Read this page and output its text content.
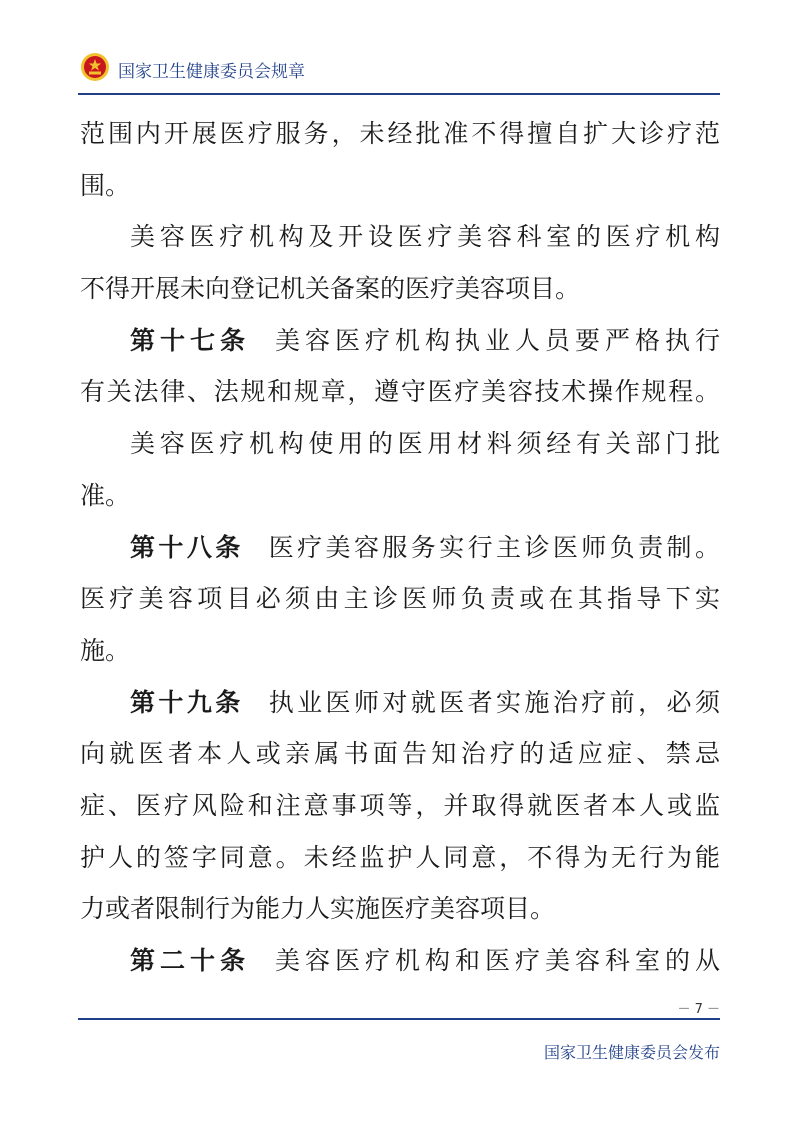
国家卫生健康委员会规章
范围内开展医疗服务，未经批准不得擅自扩大诊疗范
围。
美容医疗机构及开设医疗美容科室的医疗机构
不得开展未向登记机关备案的医疗美容项目。
第十七条 美容医疗机构执业人员要严格执行
有关法律、法规和规章，遵守医疗美容技术操作规程。
美容医疗机构使用的医用材料须经有关部门批
准。
第十八条 医疗美容服务实行主诊医师负责制。
医疗美容项目必须由主诊医师负责或在其指导下实
施。
第十九条 执业医师对就医者实施治疗前，必须
向就医者本人或亲属书面告知治疗的适应症、禁忌
症、医疗风险和注意事项等，并取得就医者本人或监
护人的签字同意。未经监护人同意，不得为无行为能
力或者限制行为能力人实施医疗美容项目。
第二十条 美容医疗机构和医疗美容科室的从
－ 7 －
国家卫生健康委员会发布
